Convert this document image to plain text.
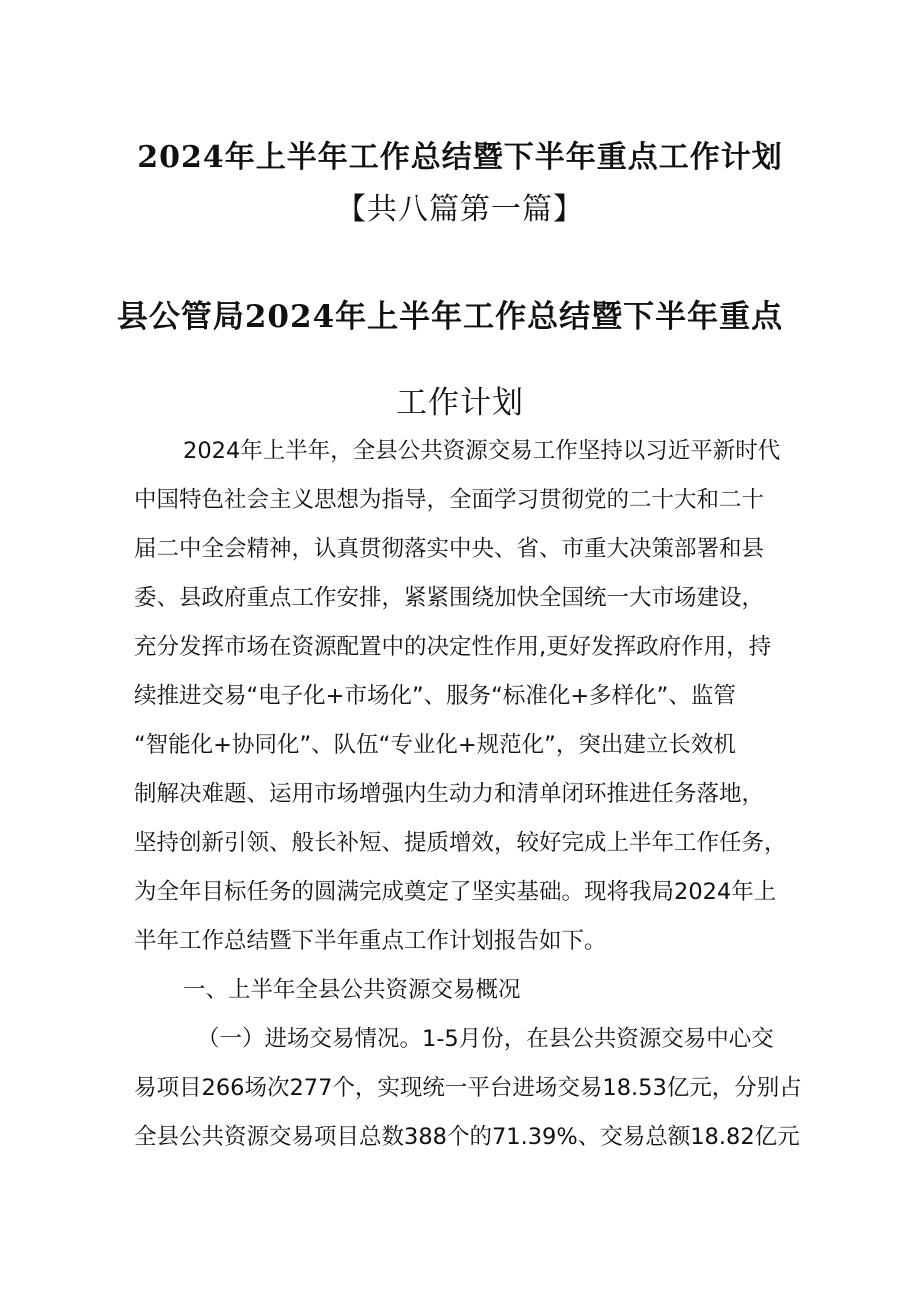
2024年上半年工作总结暨下半年重点工作计划
【共八篇第一篇】
县公管局2024年上半年工作总结暨下半年重点
工作计划
2024年上半年，全县公共资源交易工作坚持以习近平新时代
中国特色社会主义思想为指导，全面学习贯彻党的二十大和二十
届二中全会精神，认真贯彻落实中央、省、市重大决策部署和县
委、县政府重点工作安排，紧紧围绕加快全国统一大市场建设，
充分发挥市场在资源配置中的决定性作用,更好发挥政府作用，持
续推进交易“电子化+市场化”、服务“标准化+多样化”、监管
“智能化+协同化”、队伍“专业化+规范化”，突出建立长效机
制解决难题、运用市场增强内生动力和清单闭环推进任务落地，
坚持创新引领、般长补短、提质增效，较好完成上半年工作任务，
为全年目标任务的圆满完成奠定了坚实基础。现将我局2024年上
半年工作总结暨下半年重点工作计划报告如下。
一、上半年全县公共资源交易概况
（一）进场交易情况。1-5月份，在县公共资源交易中心交
易项目266场次277个，实现统一平台进场交易18.53亿元，分别占
全县公共资源交易项目总数388个的71.39%、交易总额18.82亿元
